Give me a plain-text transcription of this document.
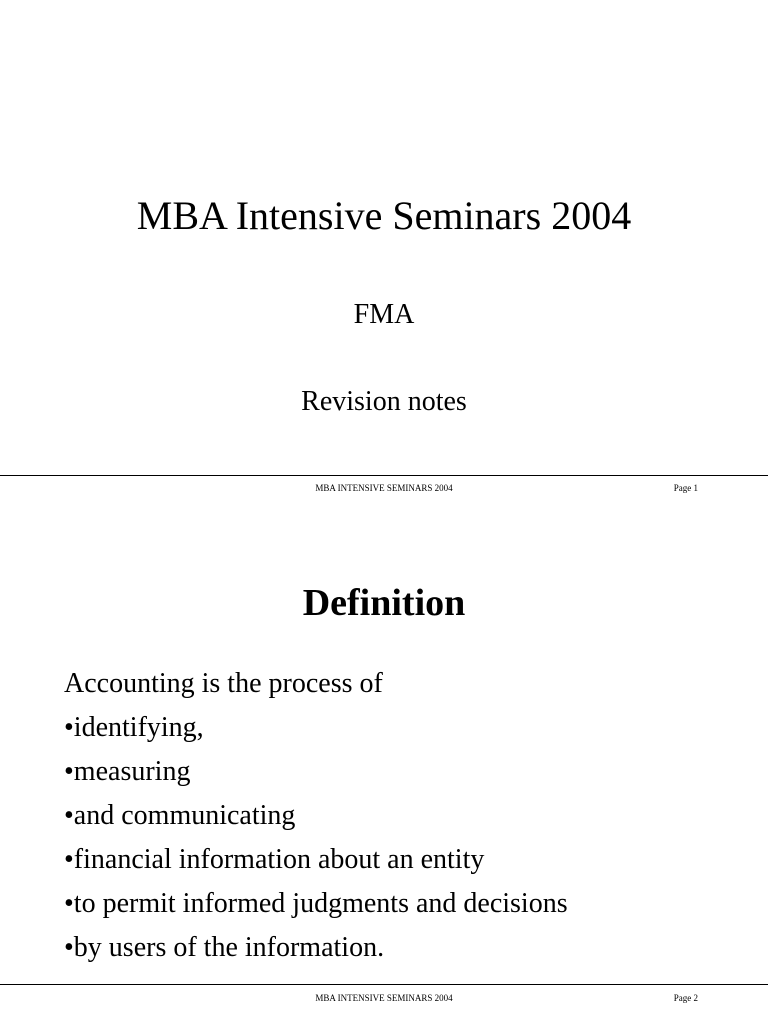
MBA Intensive Seminars 2004
FMA
Revision notes
MBA INTENSIVE SEMINARS 2004	Page 1
Definition
Accounting is the process of
•identifying,
•measuring
•and communicating
•financial information about an entity
•to permit informed judgments and decisions
•by users of the information.
MBA INTENSIVE SEMINARS 2004	Page 2
